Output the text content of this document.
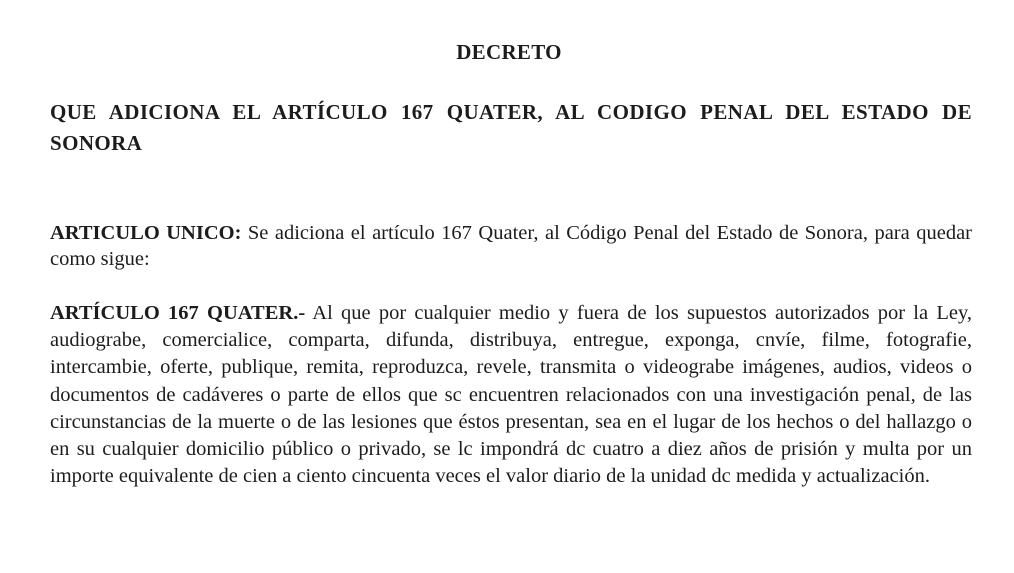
DECRETO
QUE ADICIONA EL ARTÍCULO 167 QUATER, AL CODIGO PENAL DEL ESTADO DE SONORA

ARTICULO UNICO: Se adiciona el artículo 167 Quater, al Código Penal del Estado de Sonora, para quedar como sigue:

ARTÍCULO 167 QUATER.- Al que por cualquier medio y fuera de los supuestos autorizados por la Ley, audiograbe, comercialice, comparta, difunda, distribuya, entregue, exponga, cnvíe, filme, fotografie, intercambie, oferte, publique, remita, reproduzca, revele, transmita o videograbe imágenes, audios, videos o documentos de cadáveres o parte de ellos que sc encuentren relacionados con una investigación penal, de las circunstancias de la muerte o de las lesiones que éstos presentan, sea en el lugar de los hechos o del hallazgo o en su cualquier domicilio público o privado, se lc impondrá dc cuatro a diez años de prisión y multa por un importe equivalente de cien a ciento cincuenta veces el valor diario de la unidad dc medida y actualización.
